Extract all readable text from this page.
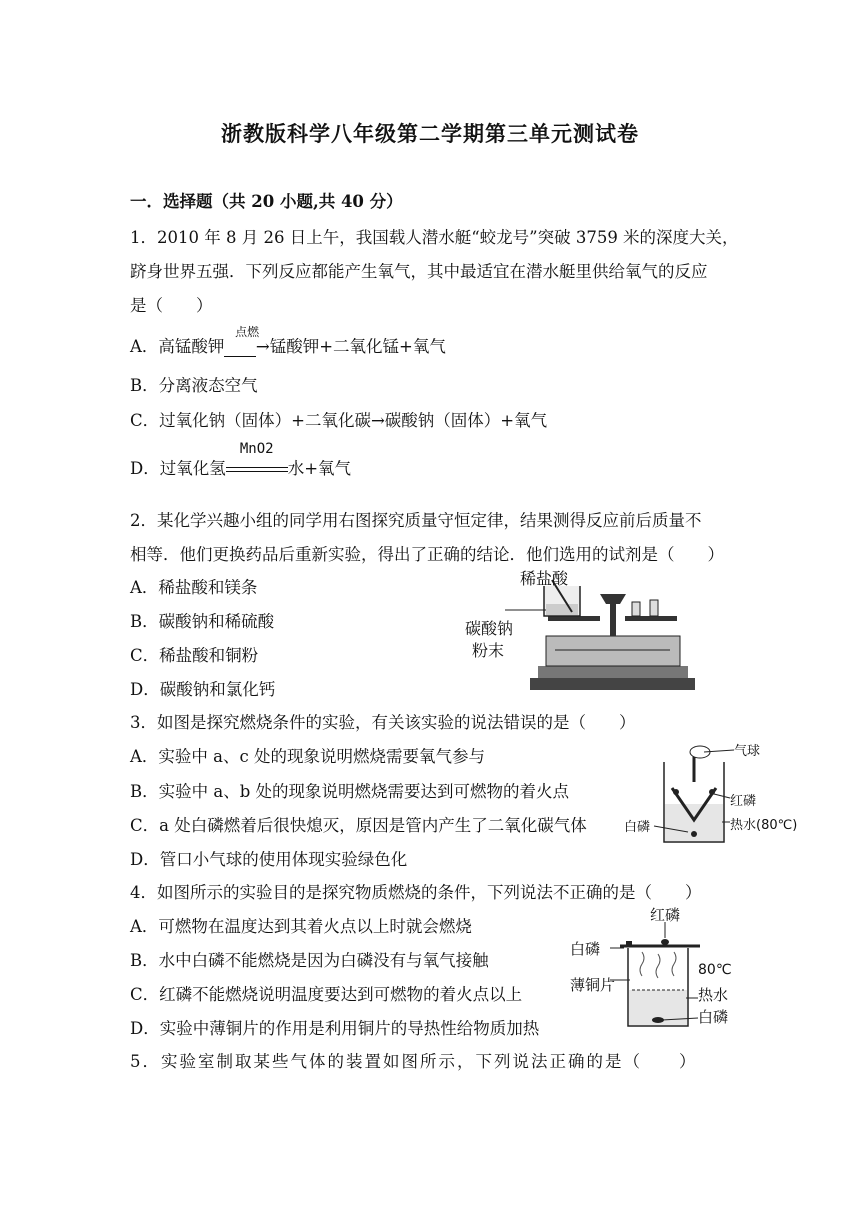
浙教版科学八年级第二学期第三单元测试卷
一．选择题（共 20 小题,共 40 分）
1．2010 年 8 月 26 日上午，我国载人潜水艇“蛟龙号”突破 3759 米的深度大关，
跻身世界五强．下列反应都能产生氧气，其中最适宜在潜水艇里供给氧气的反应
是（　　）
A．高锰酸钾
点燃
→锰酸钾+二氧化锰+氧气
B．分离液态空气
C．过氧化钠（固体）+二氧化碳→碳酸钠（固体）+氧气
D．过氧化氢
MnO2
水+氧气
2．某化学兴趣小组的同学用右图探究质量守恒定律，结果测得反应前后质量不
相等．他们更换药品后重新实验，得出了正确的结论．他们选用的试剂是（　　）
A．稀盐酸和镁条
B．碳酸钠和稀硫酸
C．稀盐酸和铜粉
D．碳酸钠和氯化钙
稀盐酸
碳酸钠
粉末
3．如图是探究燃烧条件的实验，有关该实验的说法错误的是（　　）
A．实验中 a、c 处的现象说明燃烧需要氧气参与
B．实验中 a、b 处的现象说明燃烧需要达到可燃物的着火点
C．a 处白磷燃着后很快熄灭，原因是管内产生了二氧化碳气体
D．管口小气球的使用体现实验绿色化
气球
红磷
白磷	热水(80℃)
4．如图所示的实验目的是探究物质燃烧的条件，下列说法不正确的是（　　）
A．可燃物在温度达到其着火点以上时就会燃烧
B．水中白磷不能燃烧是因为白磷没有与氧气接触
C．红磷不能燃烧说明温度要达到可燃物的着火点以上
D．实验中薄铜片的作用是利用铜片的导热性给物质加热
红磷
白磷
薄铜片
80℃
热水
白磷
5．实验室制取某些气体的装置如图所示，下列说法正确的是（　　）
